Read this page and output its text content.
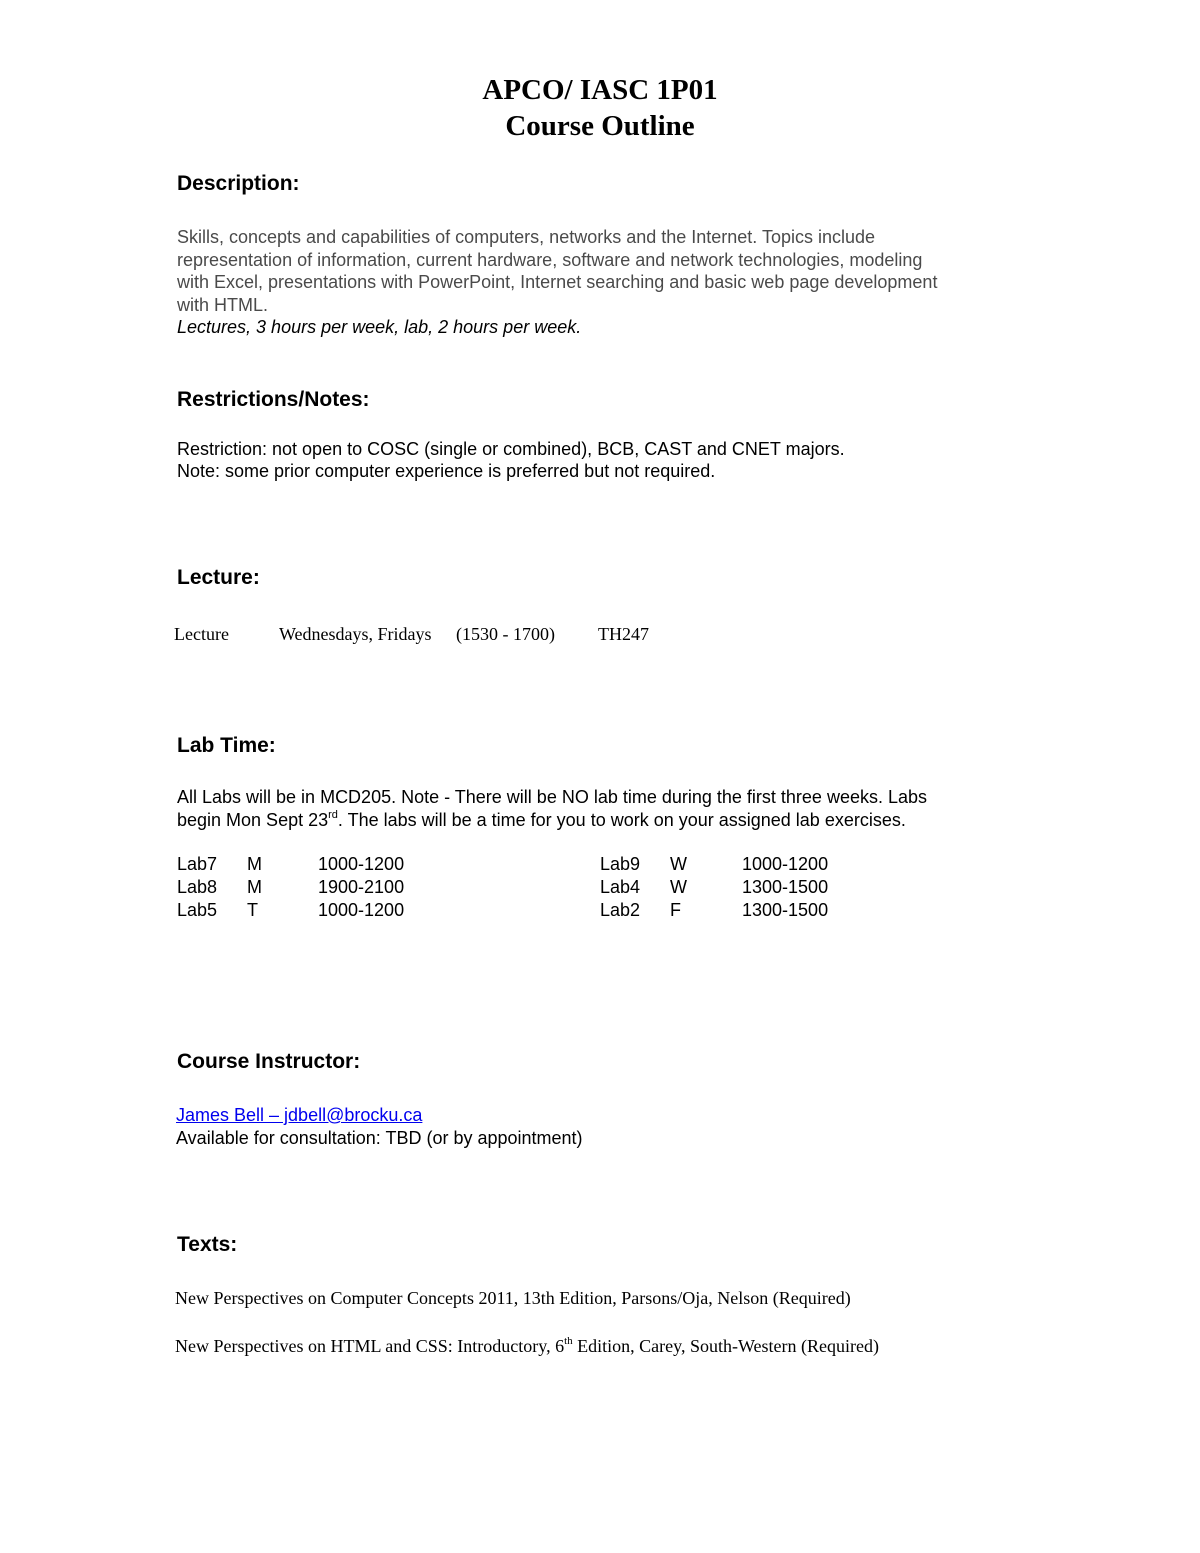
APCO/ IASC 1P01
Course Outline
Description:
Skills, concepts and capabilities of computers, networks and the Internet. Topics include
representation of information, current hardware, software and network technologies, modeling
with Excel, presentations with PowerPoint, Internet searching and basic web page development
with HTML.
Lectures, 3 hours per week, lab, 2 hours per week.
Restrictions/Notes:
Restriction: not open to COSC (single or combined), BCB, CAST and CNET majors.
Note: some prior computer experience is preferred but not required.
Lecture:
Lecture	Wednesdays, Fridays (1530 - 1700) TH247
Lab Time:
All Labs will be in MCD205. Note - There will be NO lab time during the first three weeks. Labs
begin Mon Sept 23rd. The labs will be a time for you to work on your assigned lab exercises.
Lab7 M	1000-1200
Lab8 M	1900-2100
Lab5 T	1000-1200
Lab9 W	1000-1200
Lab4 W	1300-1500
Lab2 F	1300-1500
Course Instructor:
James Bell – jdbell@brocku.ca
Available for consultation: TBD (or by appointment)
Texts:
New Perspectives on Computer Concepts 2011, 13th Edition, Parsons/Oja, Nelson (Required)
New Perspectives on HTML and CSS: Introductory, 6th Edition, Carey, South-Western (Required)
